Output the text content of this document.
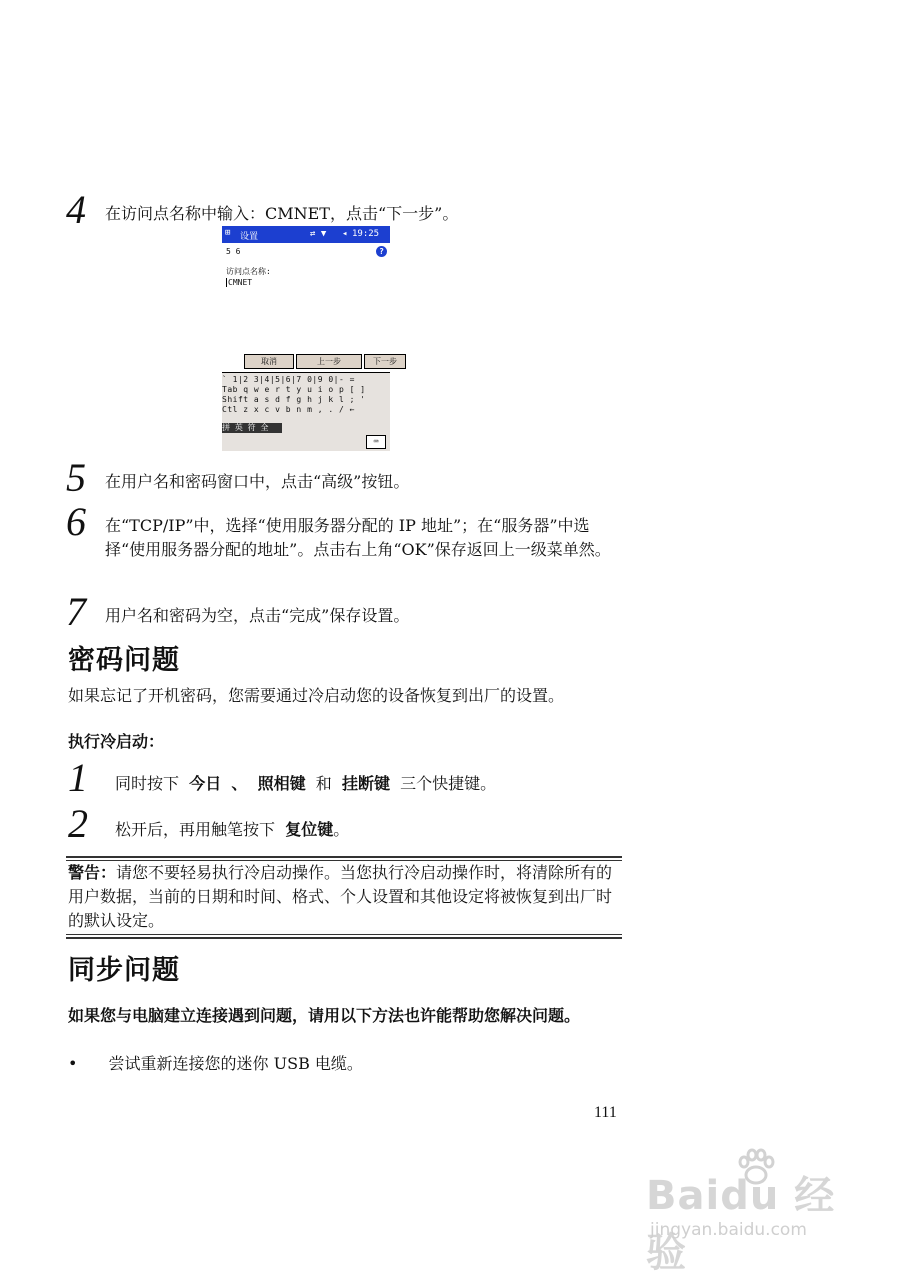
4 在访问点名称中输入：CMNET，点击“下一步”。
⊞ 设置	⇄ ▼ ◂ 19:25
5 6	?
访问点名称:
CMNET
取消	上一步	下一步
` 1|2 3|4|5|6|7 0|9 0|- =
Tab q w e r t y u i o p [ ]
Shift a s d f g h j k l ; '
Ctl z x c v b n m , . / ←
拼 英 符 全
⌨
5 在用户名和密码窗口中，点击“高级”按钮。
6 在“TCP/IP”中，选择“使用服务器分配的 IP 地址”；在“服务器”中选择“使用服务器分配的地址”。点击右上角“OK”保存返回上一级菜单然。
7 用户名和密码为空，点击“完成”保存设置。
密码问题
如果忘记了开机密码，您需要通过冷启动您的设备恢复到出厂的设置。
执行冷启动：
1 同时按下 今日 、 照相键 和 挂断键 三个快捷键。
2 松开后，再用触笔按下 复位键。
警告：请您不要轻易执行冷启动操作。当您执行冷启动操作时，将清除所有的用户数据，当前的日期和时间、格式、个人设置和其他设定将被恢复到出厂时的默认设定。
同步问题
如果您与电脑建立连接遇到问题，请用以下方法也许能帮助您解决问题。
• 尝试重新连接您的迷你 USB 电缆。
111
Baidu 经验
jingyan.baidu.com
